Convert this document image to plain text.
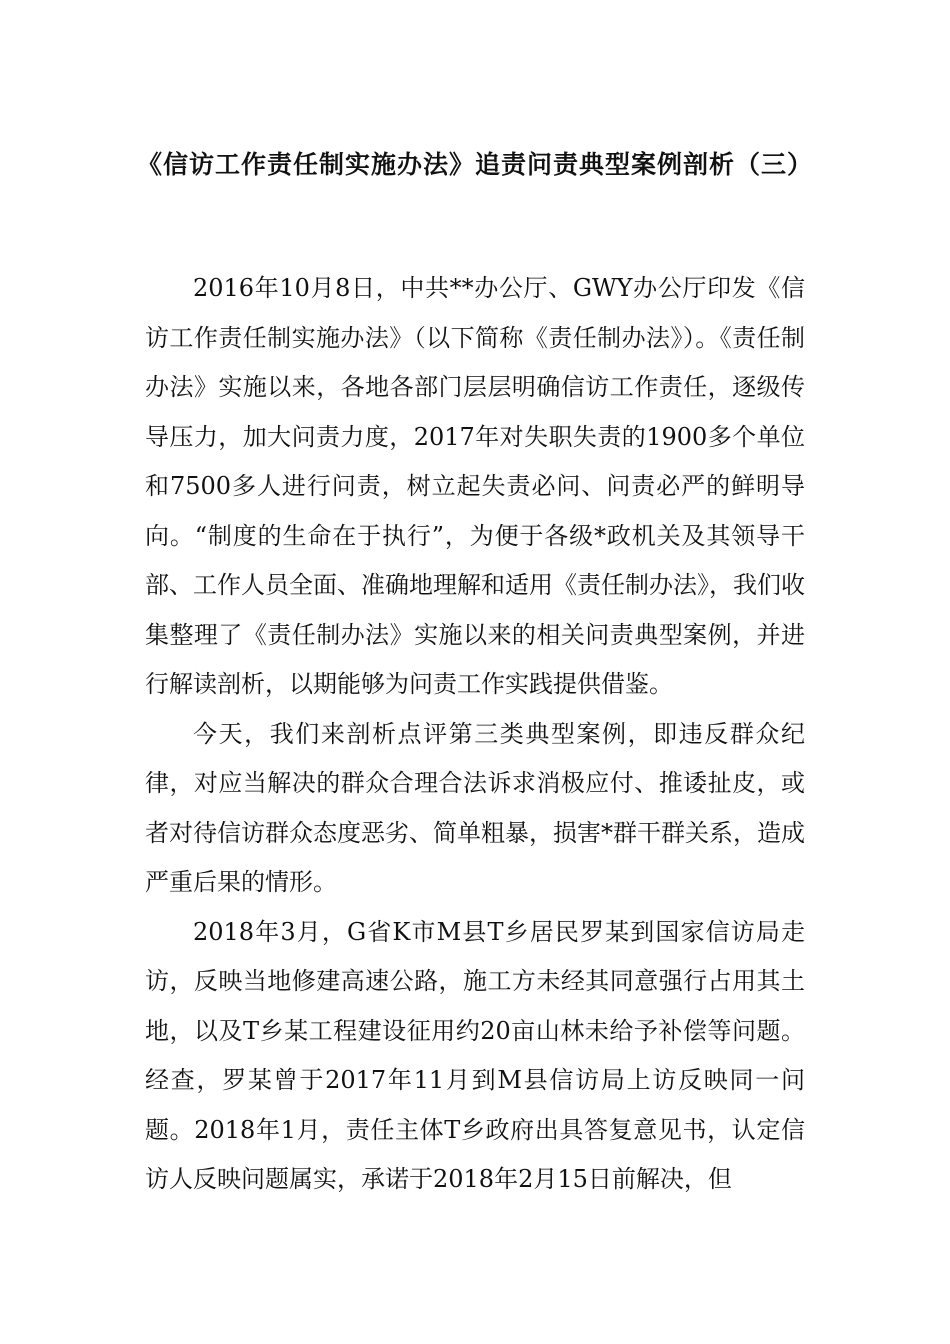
《信访工作责任制实施办法》追责问责典型案例剖析（三）

2016年10月8日，中共**办公厅、GWY办公厅印发《信访工作责任制实施办法》（以下简称《责任制办法》）。《责任制办法》实施以来，各地各部门层层明确信访工作责任，逐级传导压力，加大问责力度，2017年对失职失责的1900多个单位和7500多人进行问责，树立起失责必问、问责必严的鲜明导向。“制度的生命在于执行”，为便于各级*政机关及其领导干部、工作人员全面、准确地理解和适用《责任制办法》，我们收集整理了《责任制办法》实施以来的相关问责典型案例，并进行解读剖析，以期能够为问责工作实践提供借鉴。

今天，我们来剖析点评第三类典型案例，即违反群众纪律，对应当解决的群众合理合法诉求消极应付、推诿扯皮，或者对待信访群众态度恶劣、简单粗暴，损害*群干群关系，造成严重后果的情形。

2018年3月，G省K市M县T乡居民罗某到国家信访局走访，反映当地修建高速公路，施工方未经其同意强行占用其土地，以及T乡某工程建设征用约20亩山林未给予补偿等问题。经查，罗某曾于2017年11月到M县信访局上访反映同一问题。2018年1月，责任主体T乡政府出具答复意见书，认定信访人反映问题属实，承诺于2018年2月15日前解决，但
